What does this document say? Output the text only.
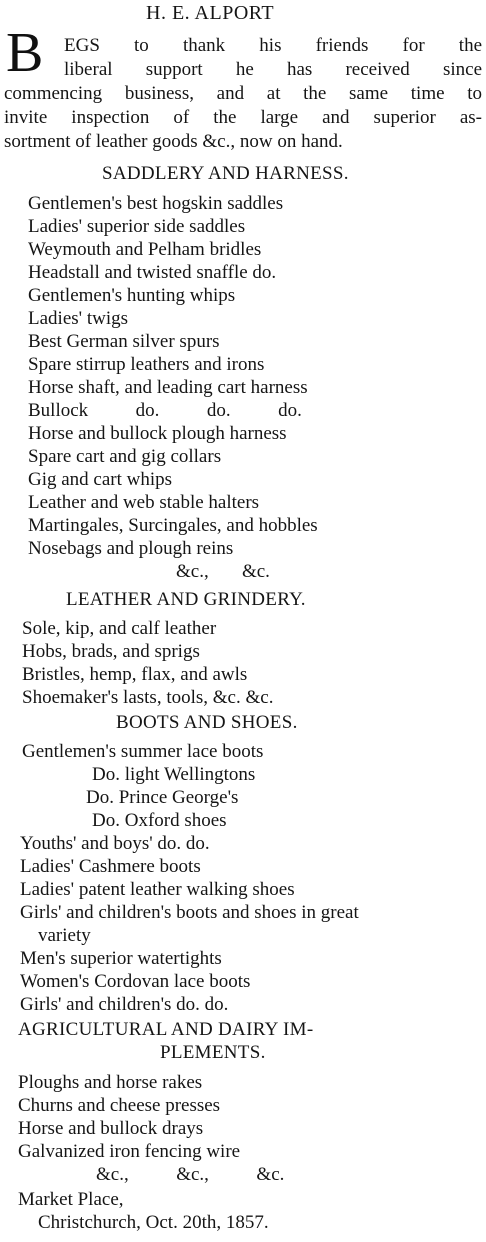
H. E. ALPORT
B EGS to thank his friends for the
liberal support he has received since
commencing business, and at the same time to
invite inspection of the large and superior as-
sortment of leather goods &c., now on hand.
SADDLERY AND HARNESS.
Gentlemen's best hogskin saddles
Ladies' superior side saddles
Weymouth and Pelham bridles
Headstall and twisted snaffle do.
Gentlemen's hunting whips
Ladies' twigs
Best German silver spurs
Spare stirrup leathers and irons
Horse shaft, and leading cart harness
Bullock          do.          do.          do.
Horse and bullock plough harness
Spare cart and gig collars
Gig and cart whips
Leather and web stable halters
Martingales, Surcingales, and hobbles
Nosebags and plough reins
&c.,       &c.
LEATHER AND GRINDERY.
Sole, kip, and calf leather
Hobs, brads, and sprigs
Bristles, hemp, flax, and awls
Shoemaker's lasts, tools, &c. &c.
BOOTS AND SHOES.
Gentlemen's summer lace boots
Do. light Wellingtons
Do. Prince George's
Do. Oxford shoes
Youths' and boys' do. do.
Ladies' Cashmere boots
Ladies' patent leather walking shoes
Girls' and children's boots and shoes in great
variety
Men's superior watertights
Women's Cordovan lace boots
Girls' and children's do. do.
AGRICULTURAL AND DAIRY IM-
PLEMENTS.
Ploughs and horse rakes
Churns and cheese presses
Horse and bullock drays
Galvanized iron fencing wire
&c.,          &c.,          &c.
Market Place,
Christchurch, Oct. 20th, 1857.
